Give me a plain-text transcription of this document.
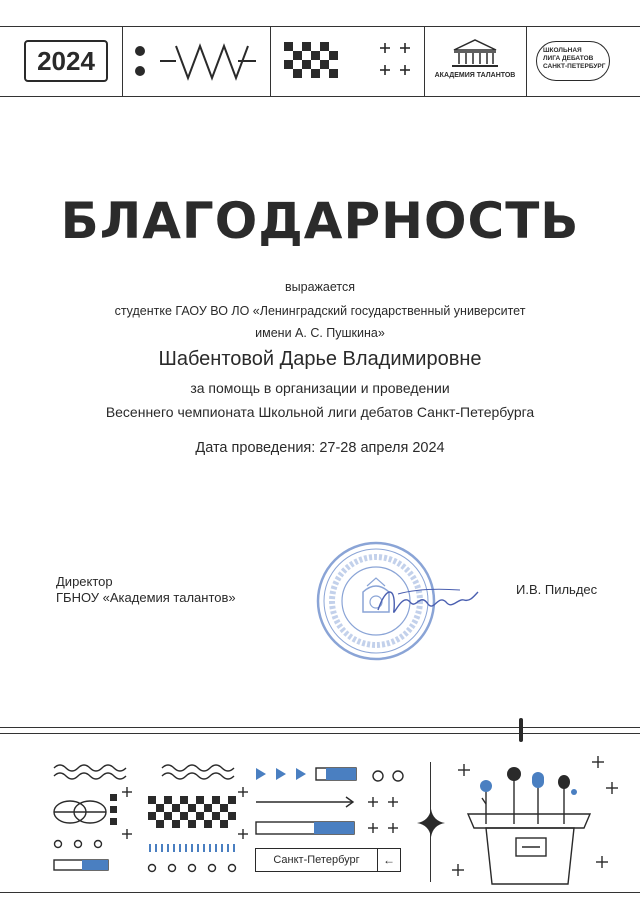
2024	АКАДЕМИЯ ТАЛАНТОВ
ШКОЛЬНАЯ
ЛИГА ДЕБАТОВ
САНКТ-ПЕТЕРБУРГ
БЛАГОДАРНОСТЬ
выражается
студентке ГАОУ ВО ЛО «Ленинградский государственный университет
имени А. С. Пушкина»
Шабентовой Дарье Владимировне
за помощь в организации и проведении
Весеннего чемпионата Школьной лиги дебатов Санкт-Петербурга
Дата проведения: 27-28 апреля 2024
Директор
ГБНОУ «Академия талантов»
И.В. Пильдес
Санкт-Петербург	←
